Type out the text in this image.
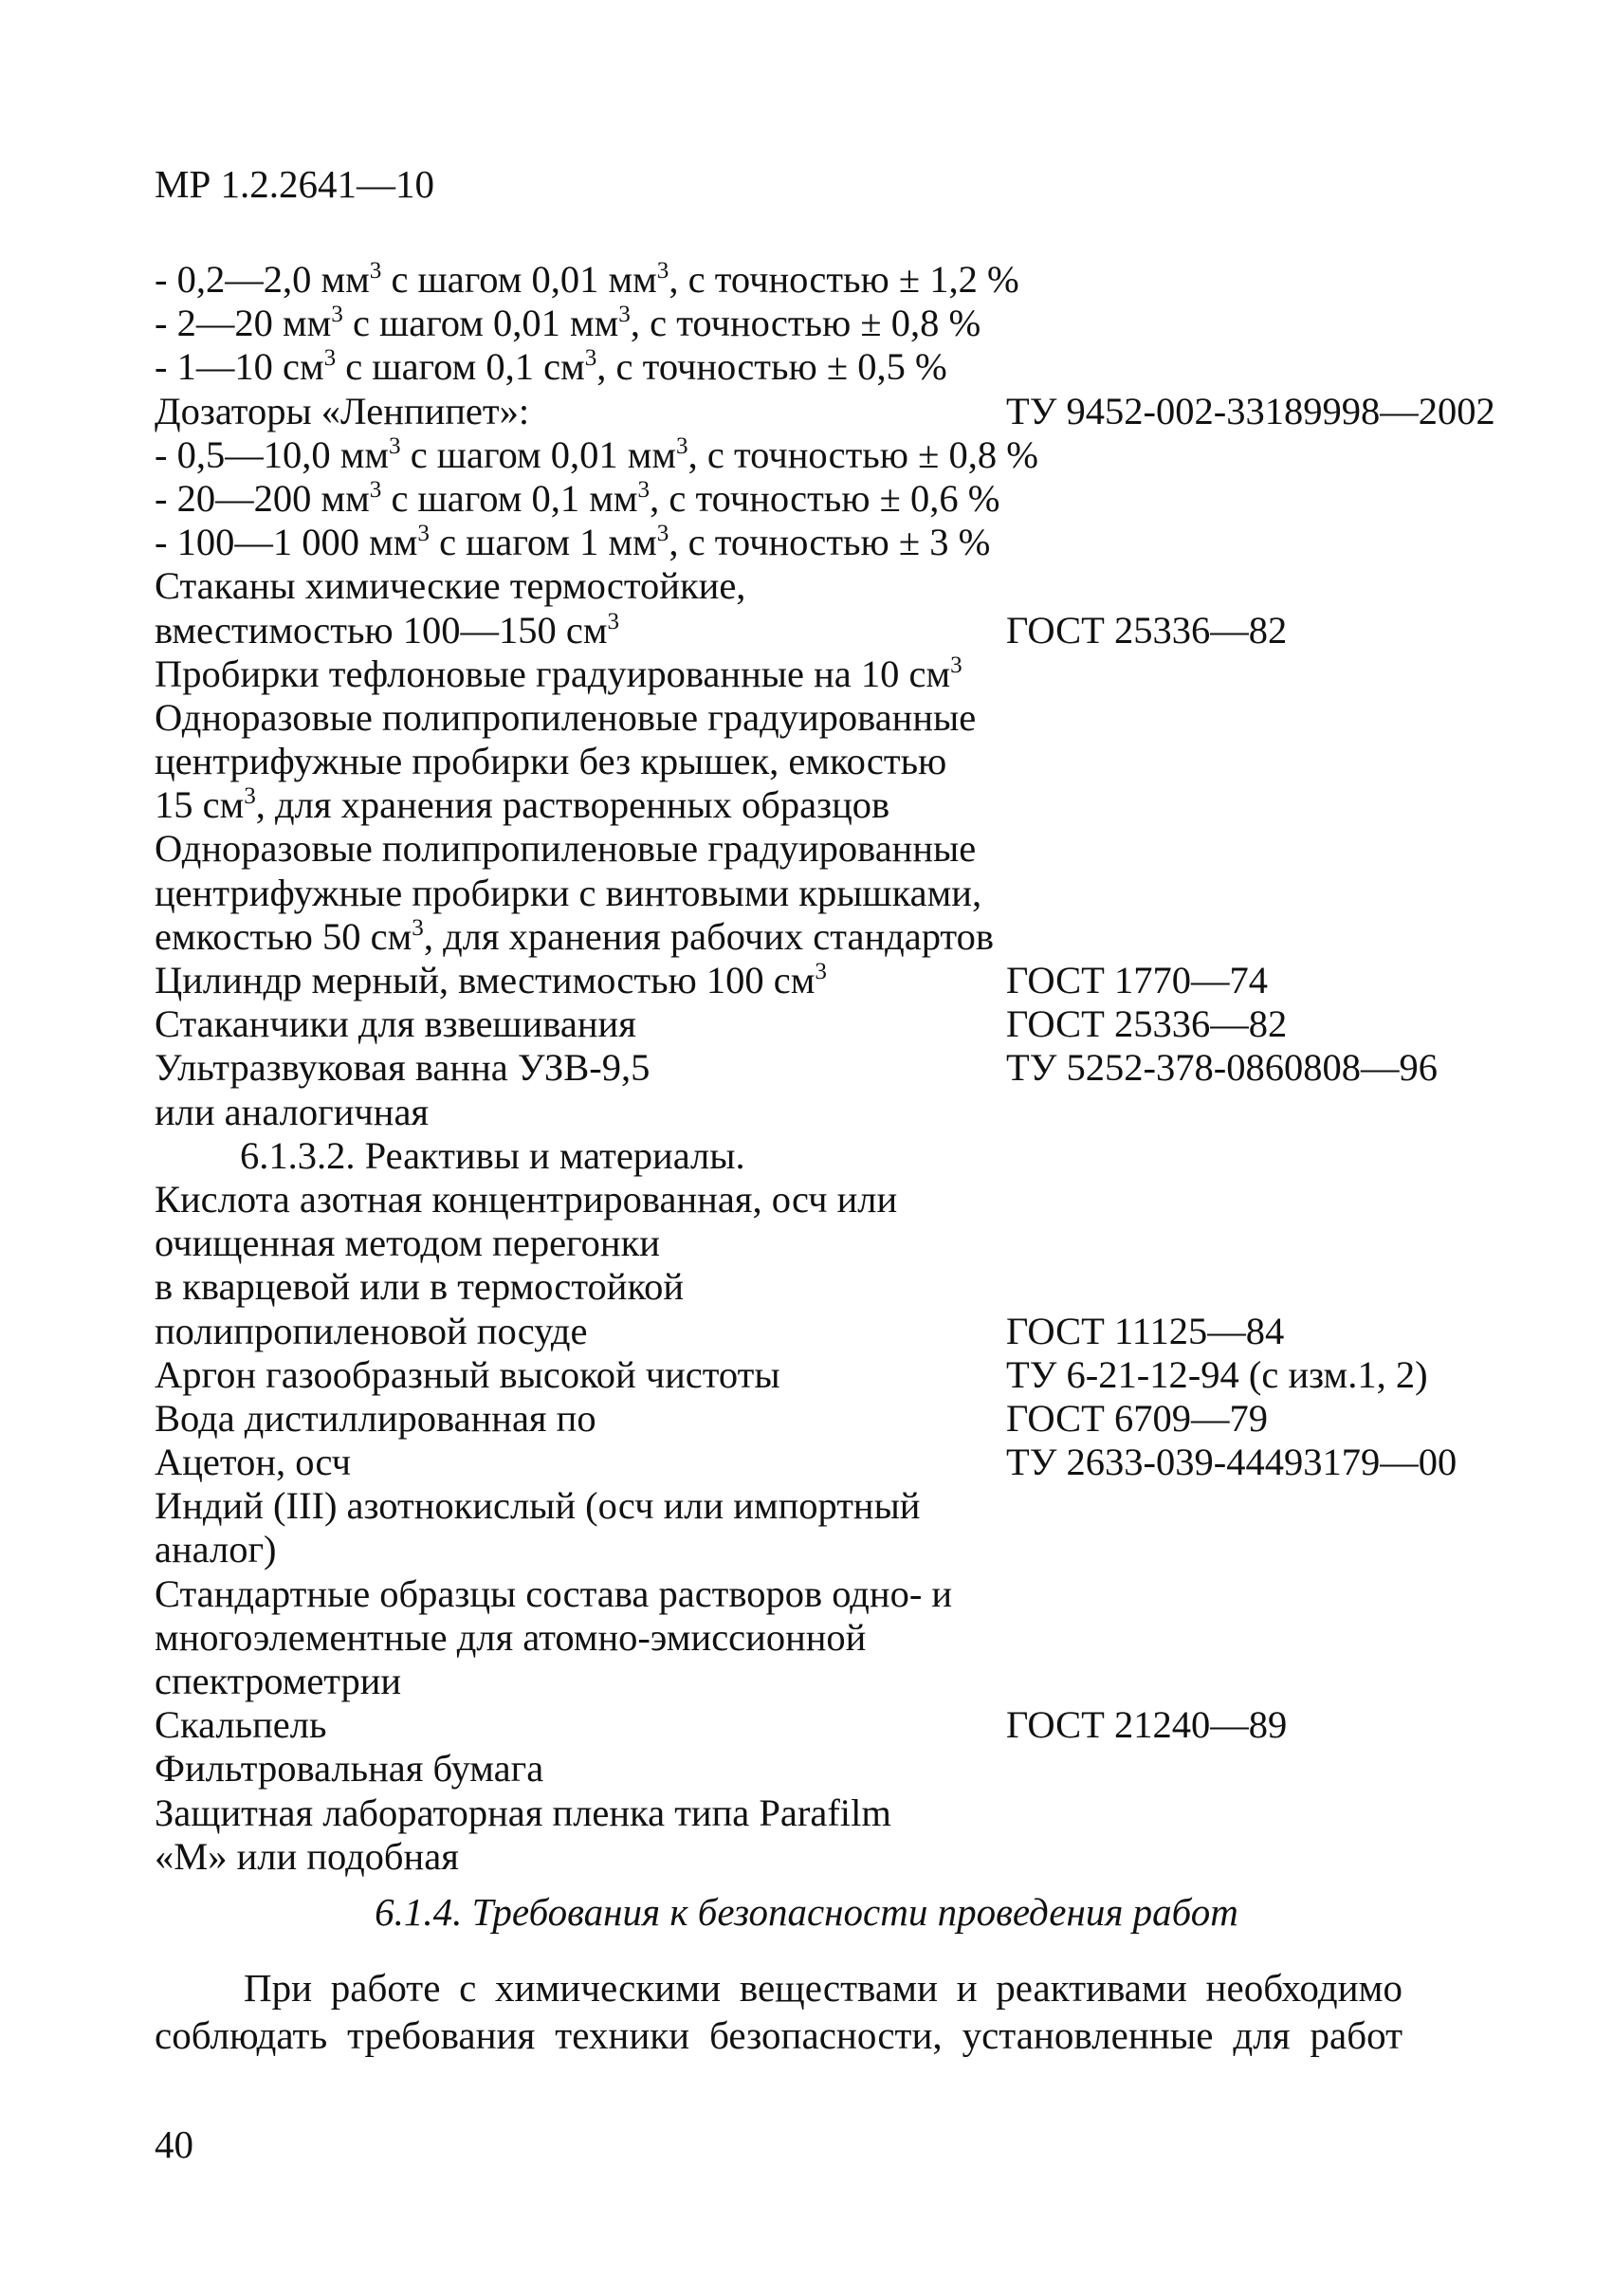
МР 1.2.2641—10
- 0,2—2,0 $мм^3$ с шагом 0,01 $мм^3$, с точностью ± 1,2 %
- 2—20 $мм^3$ с шагом 0,01 $мм^3$, с точностью ± 0,8 %
- 1—10 $см^3$ с шагом 0,1 $см^3$, с точностью ± 0,5 %
Дозаторы «Ленпипет»:	ТУ 9452-002-33189998—2002
- 0,5—10,0 $мм^3$ с шагом 0,01 $мм^3$, с точностью ± 0,8 %
- 20—200 $мм^3$ с шагом 0,1 $мм^3$, с точностью ± 0,6 %
- 100—1 000 $мм^3$ с шагом 1 $мм^3$, с точностью ± 3 %
Стаканы химические термостойкие,
вместимостью 100—150 $см^3$	ГОСТ 25336—82
Пробирки тефлоновые градуированные на 10 $см^3$
Одноразовые полипропиленовые градуированные
центрифужные пробирки без крышек, емкостью
15 $см^3$, для хранения растворенных образцов
Одноразовые полипропиленовые градуированные
центрифужные пробирки с винтовыми крышками,
емкостью 50 $см^3$, для хранения рабочих стандартов
Цилиндр мерный, вместимостью 100 $см^3$	ГОСТ 1770—74
Стаканчики для взвешивания	ГОСТ 25336—82
Ультразвуковая ванна УЗВ-9,5	ТУ 5252-378-0860808—96
или аналогичная
6.1.3.2. Реактивы и материалы.
Кислота азотная концентрированная, осч или
очищенная методом перегонки
в кварцевой или в термостойкой
полипропиленовой посуде	ГОСТ 11125—84
Аргон газообразный высокой чистоты	ТУ 6-21-12-94 (с изм.1, 2)
Вода дистиллированная по	ГОСТ 6709—79
Ацетон, осч	ТУ 2633-039-44493179—00
Индий (III) азотнокислый (осч или импортный
аналог)
Стандартные образцы состава растворов одно- и
многоэлементные для атомно-эмиссионной
спектрометрии
Скальпель	ГОСТ 21240—89
Фильтровальная бумага
Защитная лабораторная пленка типа Parafilm
«М» или подобная
6.1.4. Требования к безопасности проведения работ

При работе с химическими веществами и реактивами необходимо

соблюдать требования техники безопасности, установленные для работ

40
